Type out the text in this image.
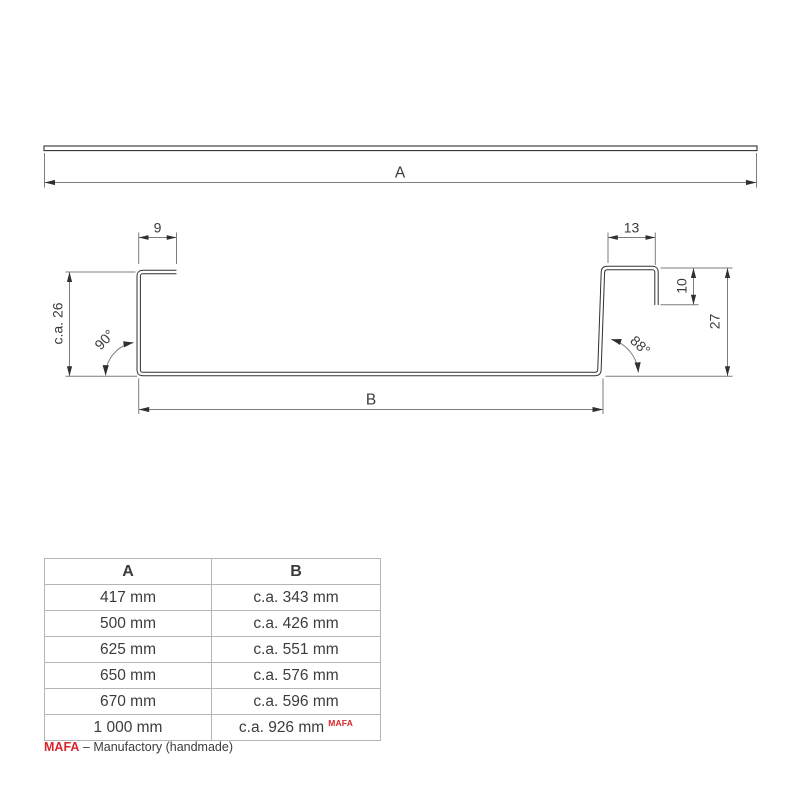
A
9	13
c.a. 26
10
27
B
90°	88°
A	B
417 mm	c.a. 343 mm
500 mm	c.a. 426 mm
625 mm	c.a. 551 mm
650 mm	c.a. 576 mm
670 mm	c.a. 596 mm
1 000 mm	c.a. 926 mm $^{MAFA}$
MAFA – Manufactory (handmade)
